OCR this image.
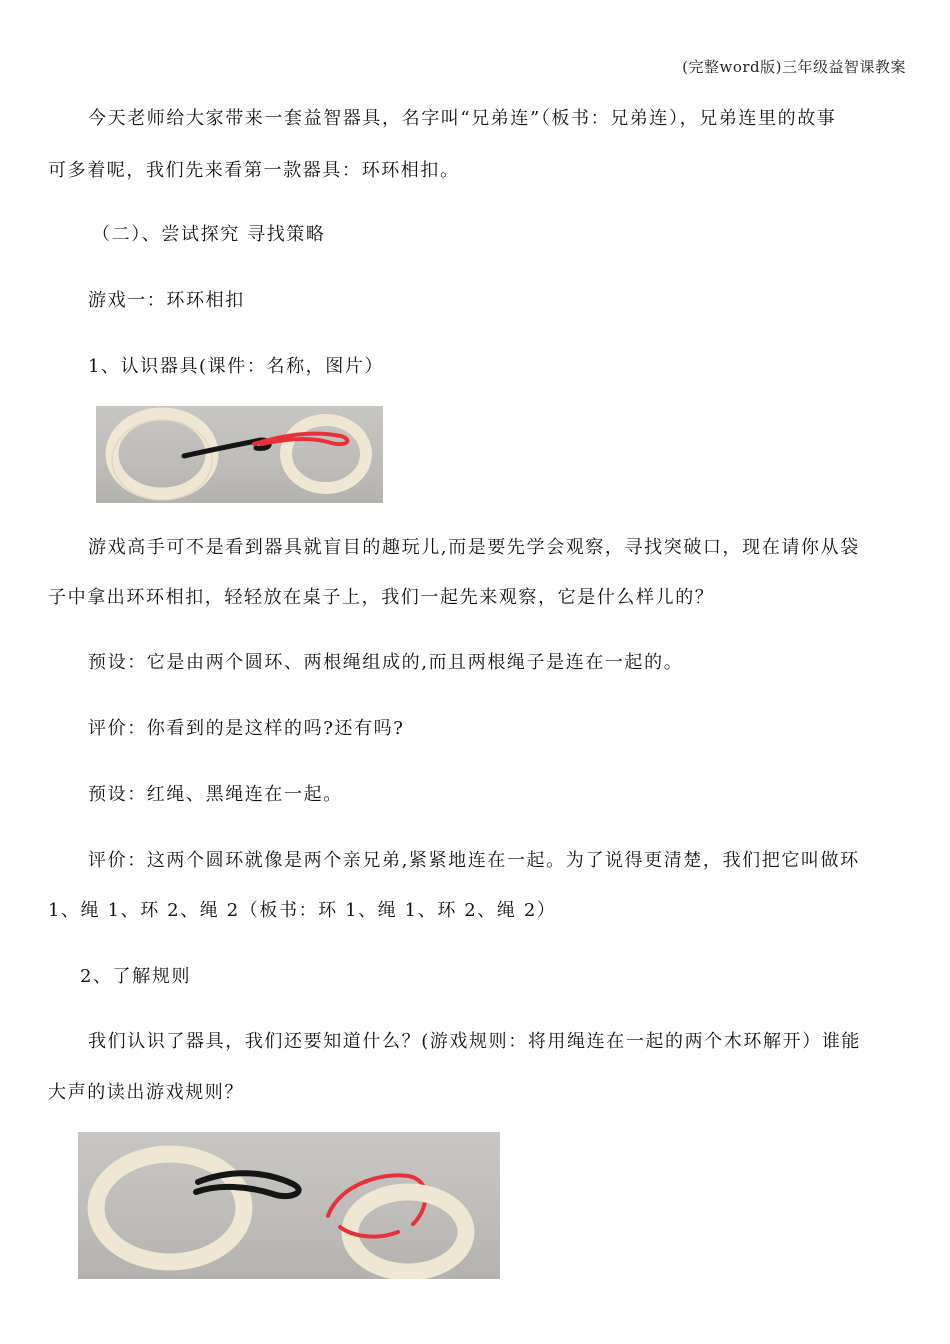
(完整word版)三年级益智课教案
今天老师给大家带来一套益智器具，名字叫“兄弟连”（板书：兄弟连），兄弟连里的故事
可多着呢，我们先来看第一款器具：环环相扣。
（二）、尝试探究 寻找策略
游戏一：环环相扣
1、认识器具(课件：名称，图片）
游戏高手可不是看到器具就盲目的趣玩儿,而是要先学会观察，寻找突破口，现在请你从袋
子中拿出环环相扣，轻轻放在桌子上，我们一起先来观察，它是什么样儿的？
预设：它是由两个圆环、两根绳组成的,而且两根绳子是连在一起的。
评价：你看到的是这样的吗?还有吗?
预设：红绳、黑绳连在一起。
评价：这两个圆环就像是两个亲兄弟,紧紧地连在一起。为了说得更清楚，我们把它叫做环
1、绳 1、环 2、绳 2（板书：环 1、绳 1、环 2、绳 2）
2、了解规则
我们认识了器具，我们还要知道什么？(游戏规则：将用绳连在一起的两个木环解开）谁能
大声的读出游戏规则？
